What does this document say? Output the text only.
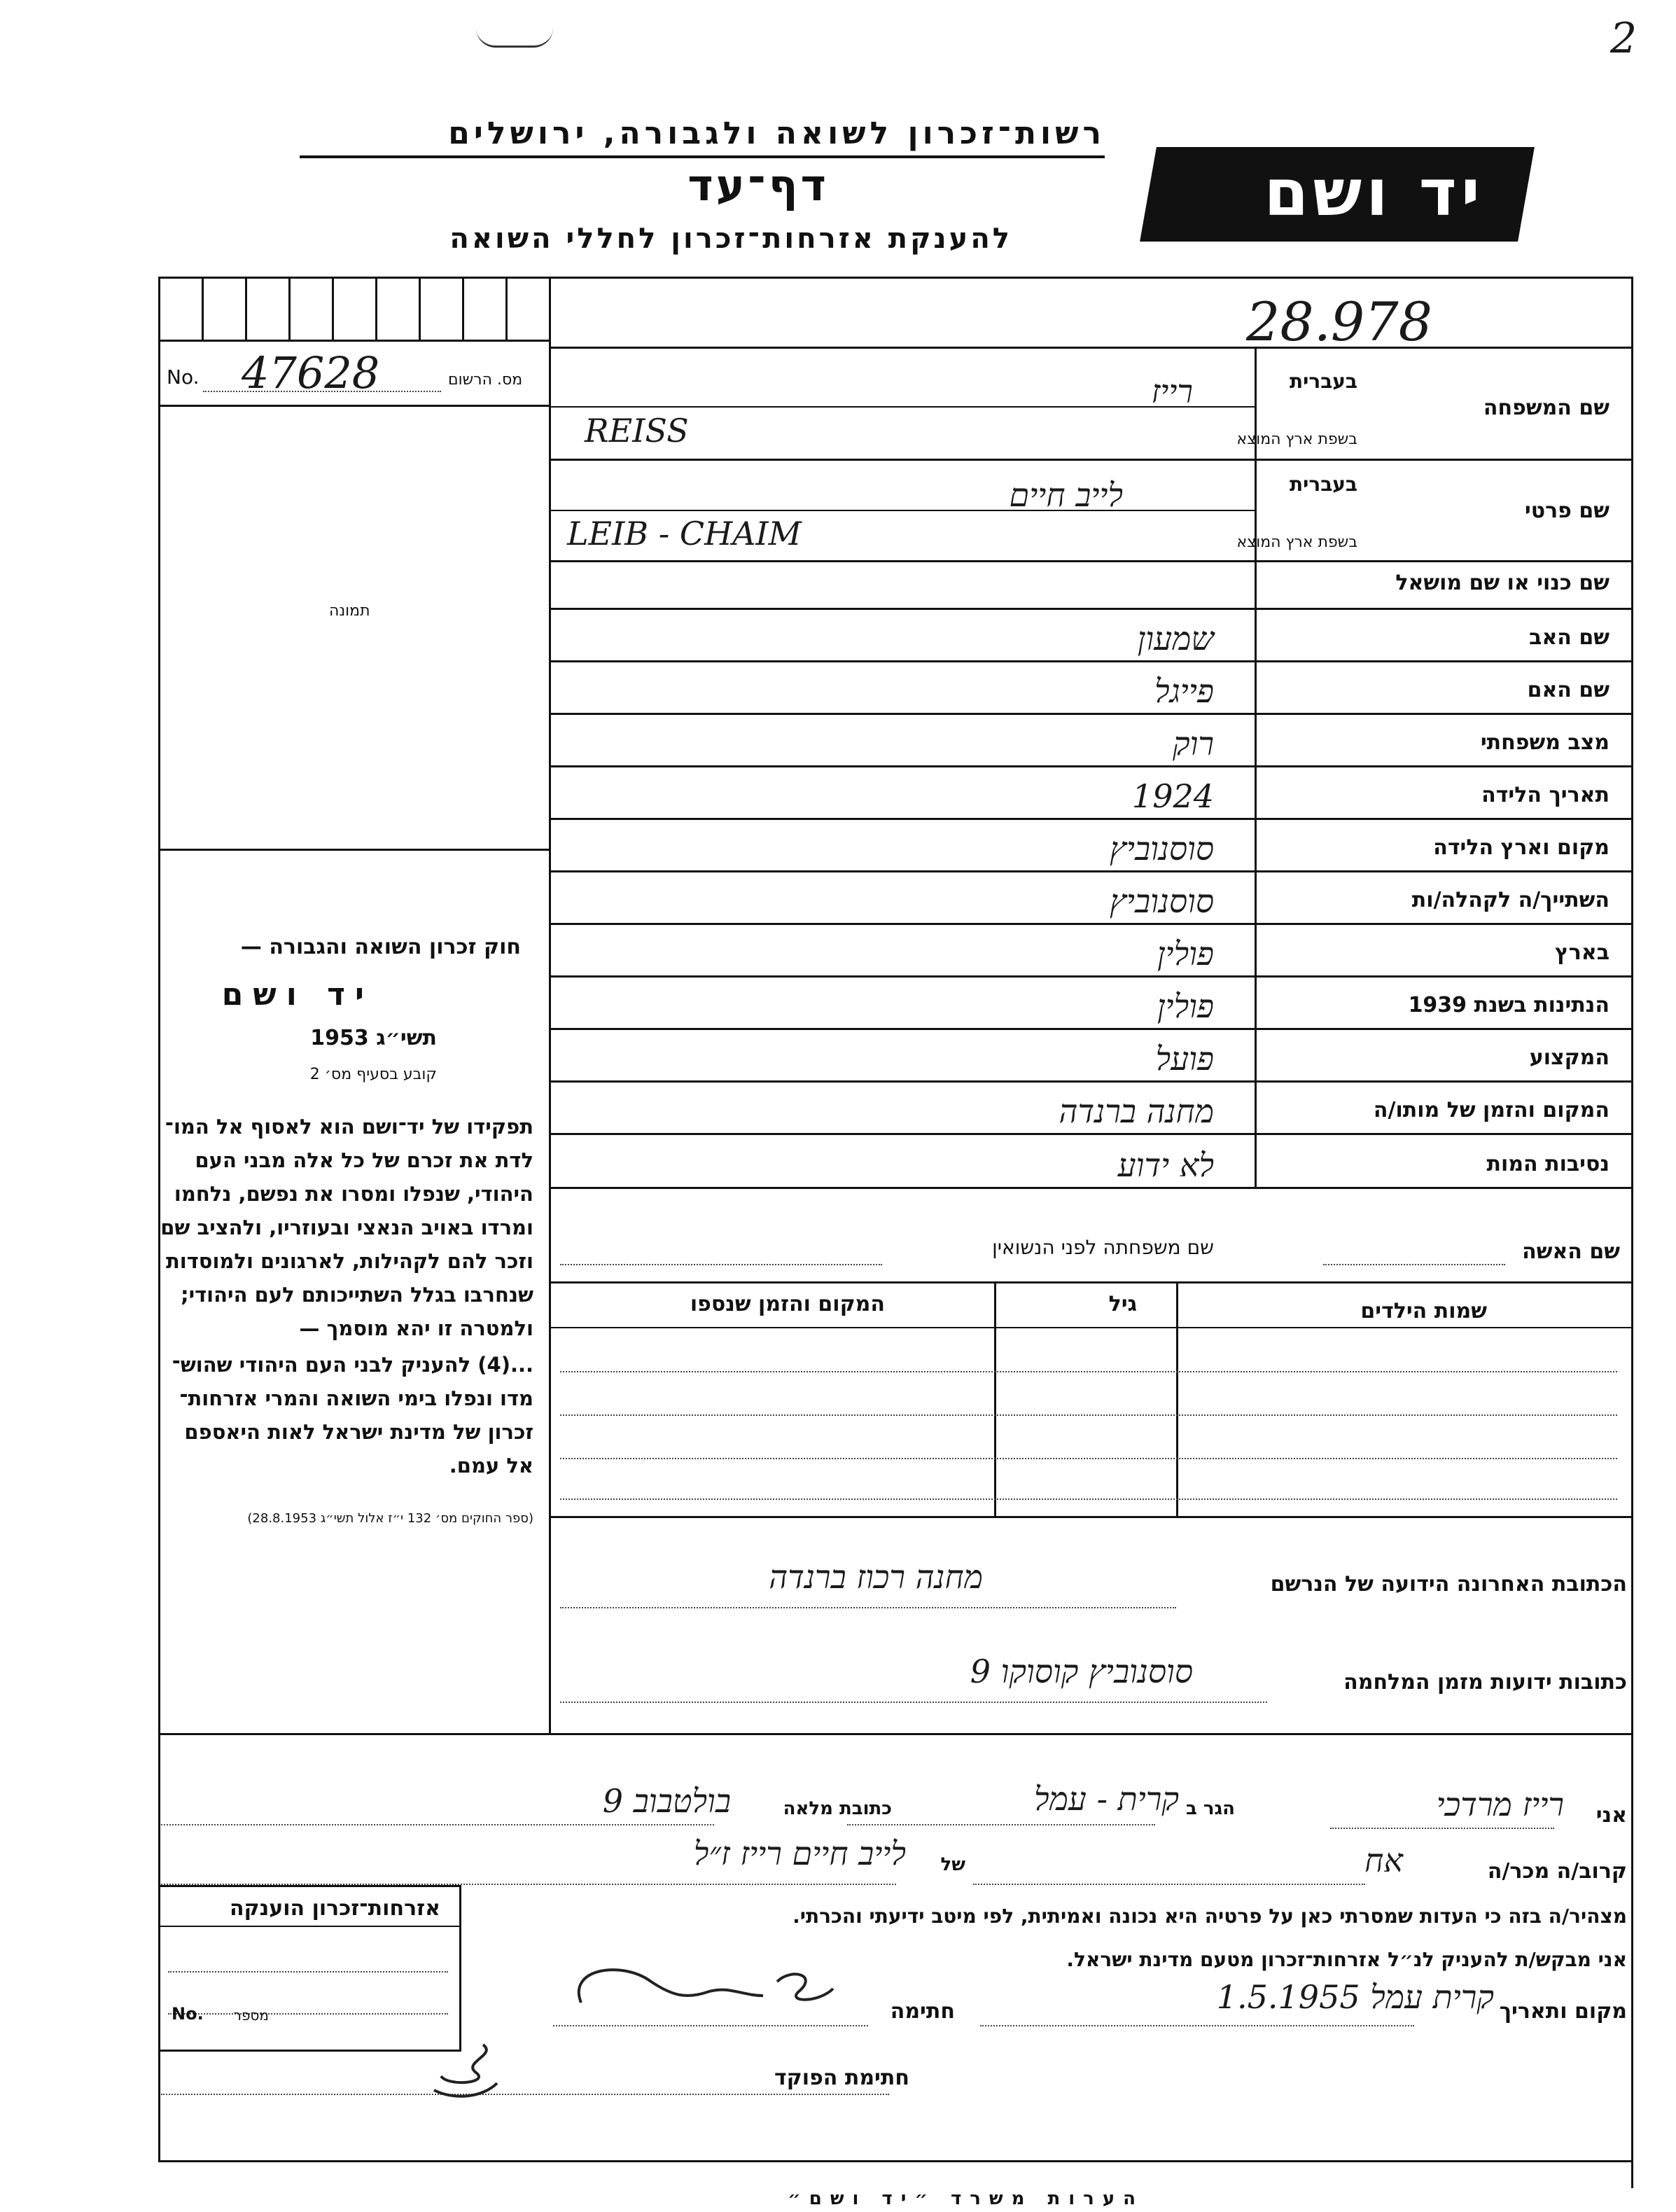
2
רשות־זכרון לשואה ולגבורה, ירושלים
דף־עד
להענקת אזרחות־זכרון לחללי השואה
יד ושם
28.978
No. 47628	מס. הרשום
תמונה
חוק זכרון השואה והגבורה —
יד ושם
תשי״ג 1953
קובע בסעיף מס׳ 2
תפקידו של יד־ושם הוא לאסוף אל המו־
לדת את זכרם של כל אלה מבני העם
היהודי, שנפלו ומסרו את נפשם, נלחמו
ומרדו באויב הנאצי ובעוזריו, ולהציב שם
וזכר להם לקהילות, לארגונים ולמוסדות
שנחרבו בגלל השתייכותם לעם היהודי;
ולמטרה זו יהא מוסמך —
...(4) להעניק לבני העם היהודי שהוש־
מדו ונפלו בימי השואה והמרי אזרחות־
זכרון של מדינת ישראל לאות היאספם
אל עמם.
(ספר החוקים מס׳ 132 י״ז אלול תשי״ג 28.8.1953)
בעברית
שם המשפחה
בשפת ארץ המוצא
רייז
REISS
בעברית
שם פרטי
בשפת ארץ המוצא
לייב חיים
LEIB - CHAIM
שם כנוי או שם מושאל
שם האב
שם האם
מצב משפחתי
תאריך הלידה
מקום וארץ הלידה
השתייך/ה לקהלה/ות
בארץ
הנתינות בשנת 1939
המקצוע
המקום והזמן של מותו/ה
נסיבות המות
שמעון
פייגל
רוק
1924
סוסנוביץ
סוסנוביץ
פולין
פולין
פועל
מחנה ברנדה
לא ידוע
שם האשה
שם משפחתה לפני הנשואין
שמות הילדים
גיל
המקום והזמן שנספו
הכתובת האחרונה הידועה של הנרשם
מחנה רכוז ברנדה
כתובות ידועות מזמן המלחמה
סוסנוביץ קוסוקו 9
אני
רייז מרדכי
הגר ב
קרית - עמל
כתובת מלאה
בולטבוב 9
קרוב/ה מכר/ה
אח
של
לייב חיים רייז ז״ל
מצהיר/ה בזה כי העדות שמסרתי כאן על פרטיה היא נכונה ואמיתית, לפי מיטב ידיעתי והכרתי.
אני מבקש/ת להעניק לנ״ל אזרחות־זכרון מטעם מדינת ישראל.
מקום ותאריך
קרית עמל 1.5.1955
חתימה
חתימת הפוקד
אזרחות־זכרון הוענקה
No. מספר
הערות משרד ״יד ושם״
